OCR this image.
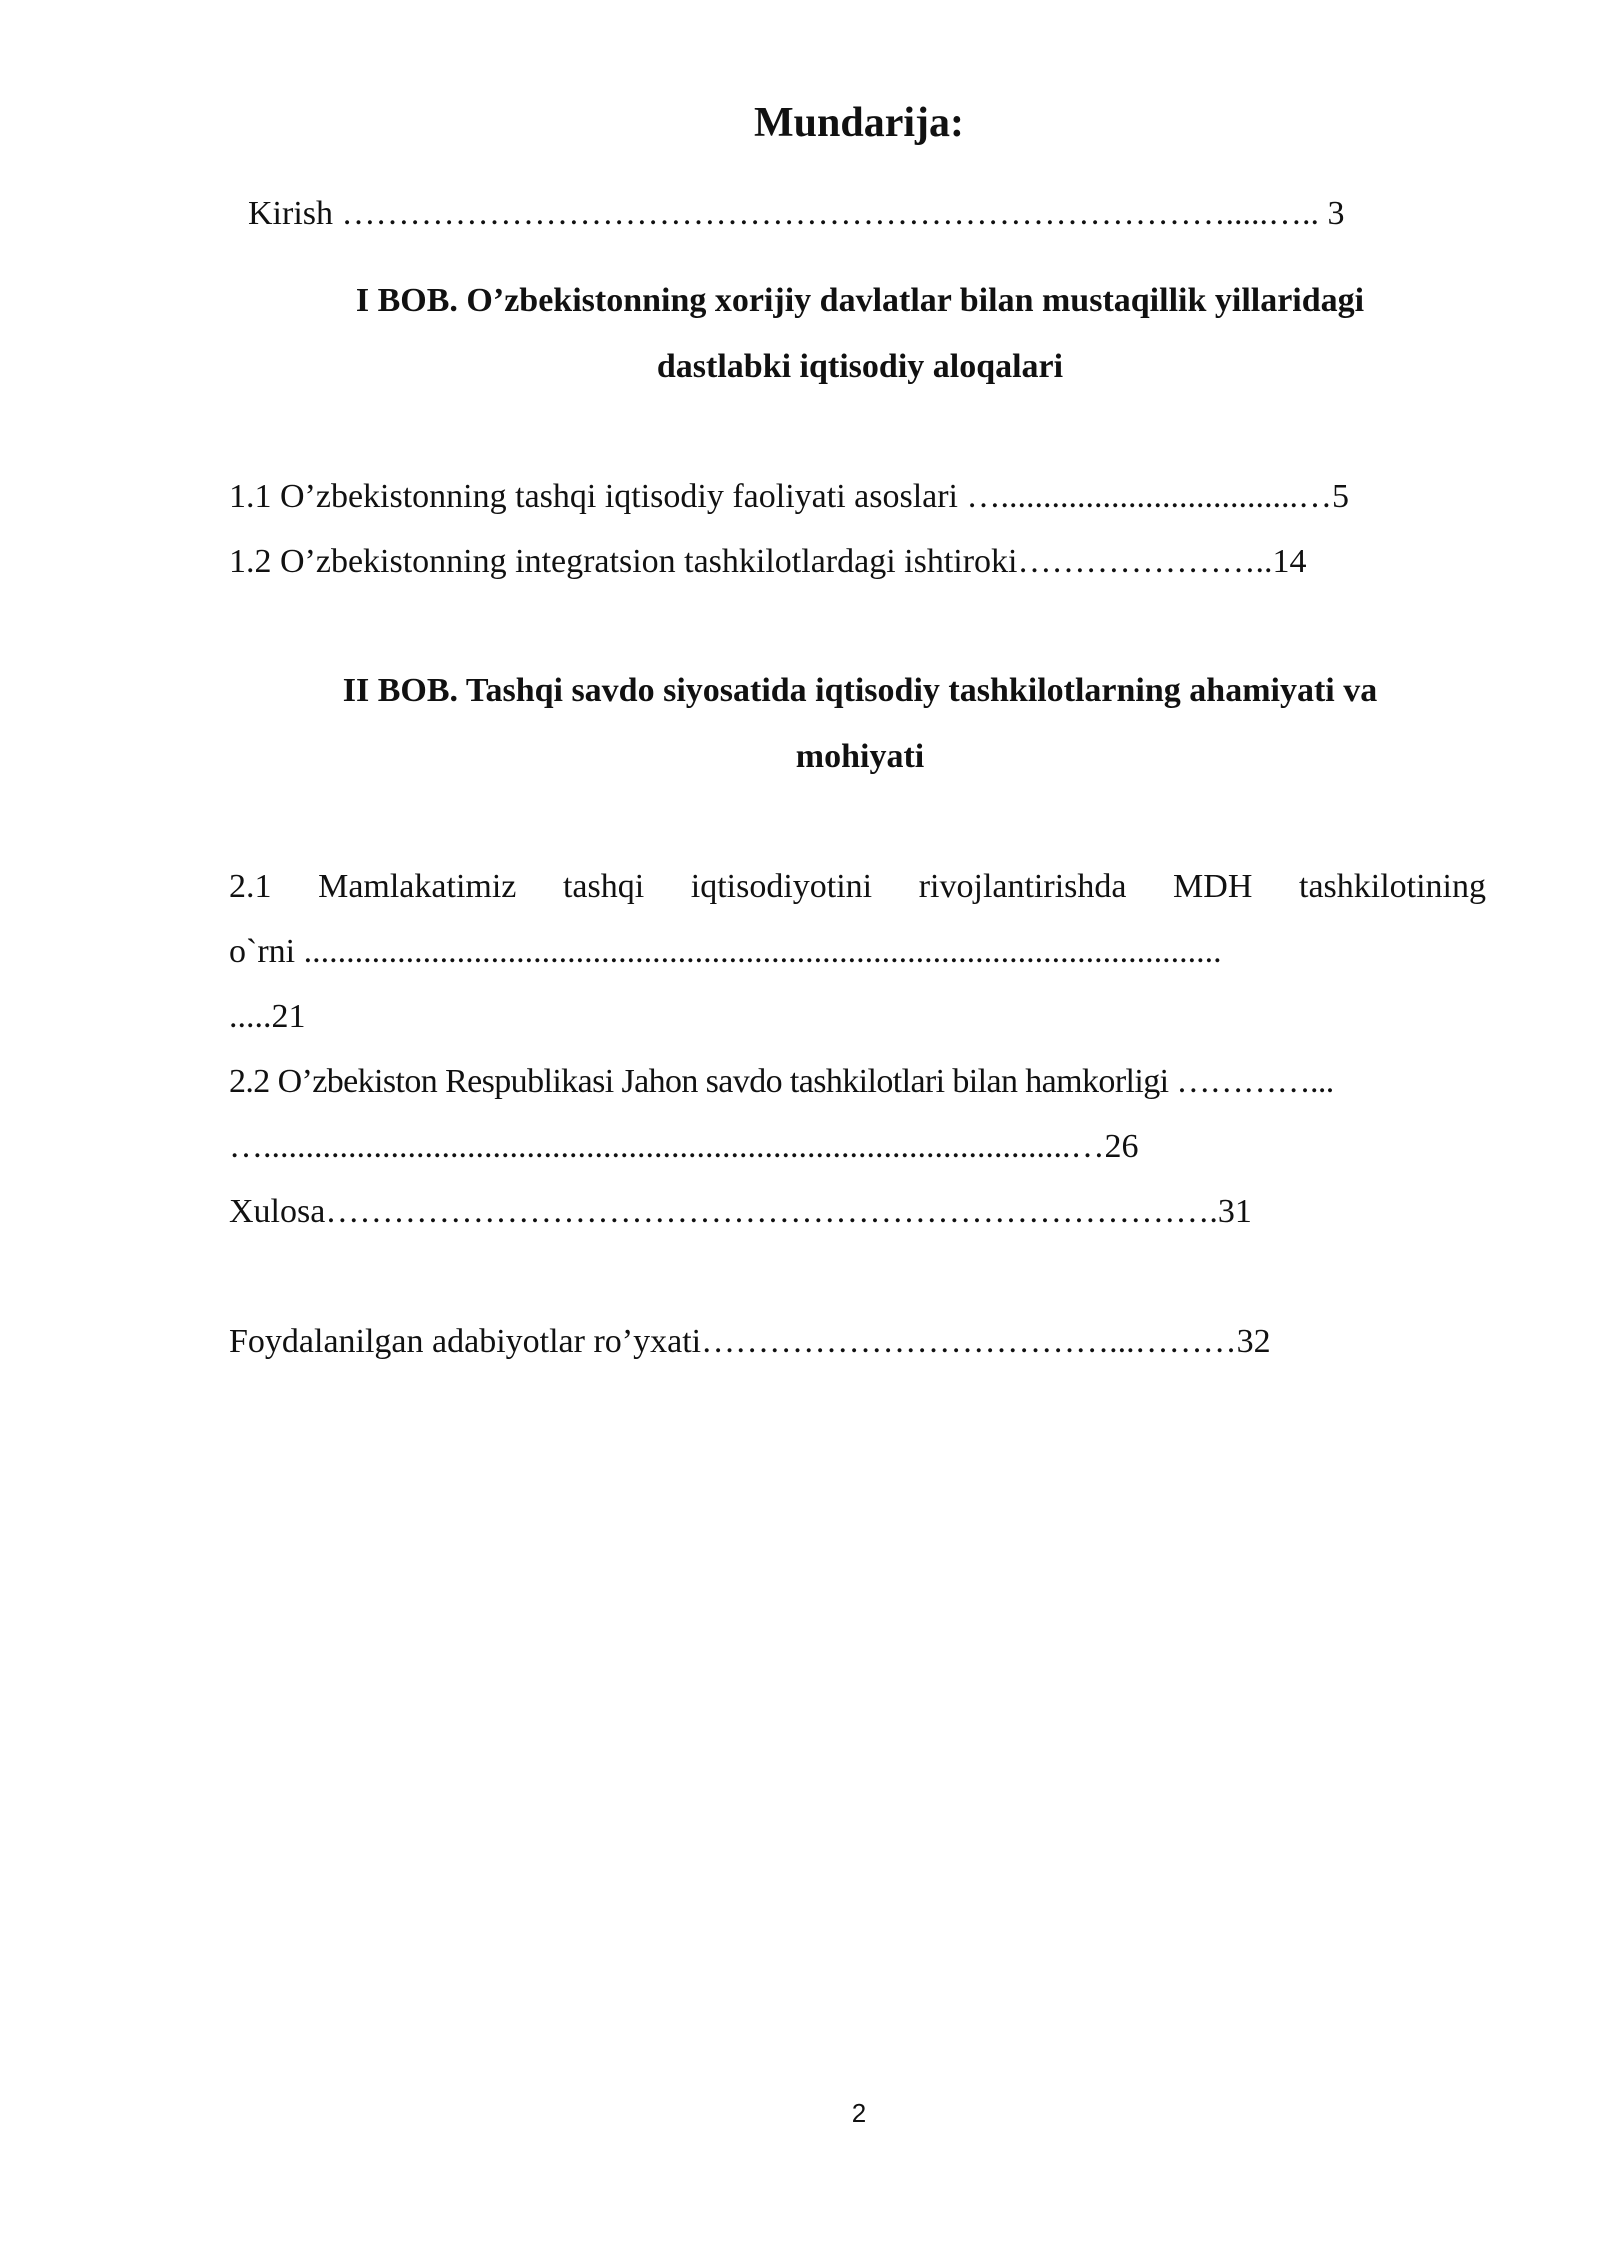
Mundarija:
Kirish …………………………………………………………………….....….. 3
I BOB. O’zbekistonning xorijiy davlatlar bilan mustaqillik yillaridagi
dastlabki iqtisodiy aloqalari
1.1 O’zbekistonning tashqi iqtisodiy faoliyati asoslari …...................................…5
1.2 O’zbekistonning integratsion tashkilotlardagi ishtiroki…………………..14
II BOB. Tashqi savdo siyosatida iqtisodiy tashkilotlarning ahamiyati va
mohiyati
2.1 Mamlakatimiz tashqi iqtisodiyotini rivojlantirishda MDH tashkilotining
o`rni ............................................................................................................
.....21
2.2 O’zbekiston Respublikasi Jahon savdo tashkilotlari bilan hamkorligi …………...
…...............................................................................................…26
Xulosa…………………………………………………………………….31
Foydalanilgan adabiyotlar ro’yxati………………………………...………32
2
